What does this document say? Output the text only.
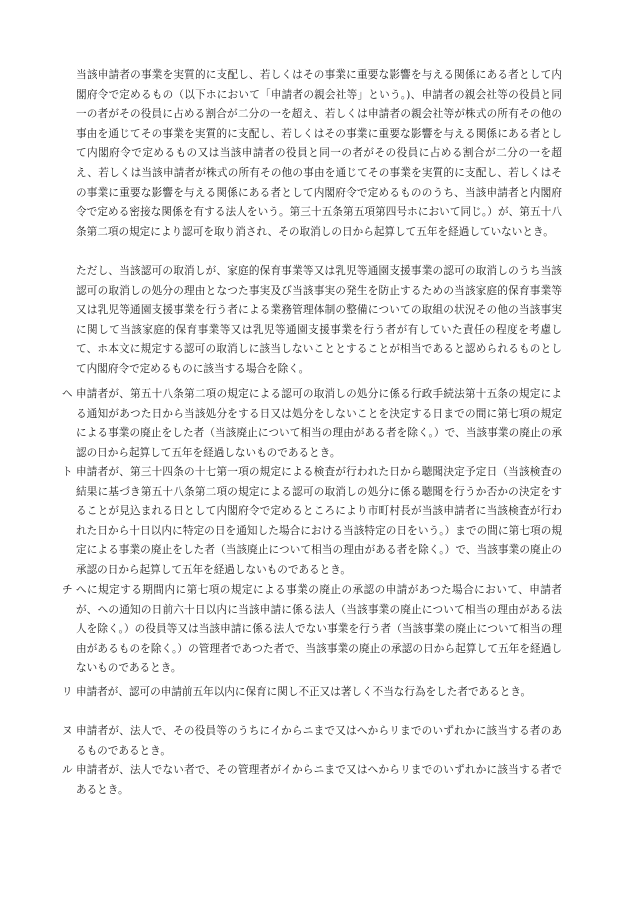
当該申請者の事業を実質的に支配し、若しくはその事業に重要な影響を与える関係にある者として内閣府令で定めるもの（以下ホにおいて「申請者の親会社等」という。)、申請者の親会社等の役員と同一の者がその役員に占める割合が二分の一を超え、若しくは申請者の親会社等が株式の所有その他の事由を通じてその事業を実質的に支配し、若しくはその事業に重要な影響を与える関係にある者として内閣府令で定めるもの又は当該申請者の役員と同一の者がその役員に占める割合が二分の一を超え、若しくは当該申請者が株式の所有その他の事由を通じてその事業を実質的に支配し、若しくはその事業に重要な影響を与える関係にある者として内閣府令で定めるもののうち、当該申請者と内閣府令で定める密接な関係を有する法人をいう。第三十五条第五項第四号ホにおいて同じ。）が、第五十八条第二項の規定により認可を取り消され、その取消しの日から起算して五年を経過していないとき。

ただし、当該認可の取消しが、家庭的保育事業等又は乳児等通園支援事業の認可の取消しのうち当該認可の取消しの処分の理由となつた事実及び当該事実の発生を防止するための当該家庭的保育事業等又は乳児等通園支援事業を行う者による業務管理体制の整備についての取組の状況その他の当該事実に関して当該家庭的保育事業等又は乳児等通園支援事業を行う者が有していた責任の程度を考慮して、ホ本文に規定する認可の取消しに該当しないこととすることが相当であると認められるものとして内閣府令で定めるものに該当する場合を除く。

ヘ 申請者が、第五十八条第二項の規定による認可の取消しの処分に係る行政手続法第十五条の規定による通知があつた日から当該処分をする日又は処分をしないことを決定する日までの間に第七項の規定による事業の廃止をした者（当該廃止について相当の理由がある者を除く。）で、当該事業の廃止の承認の日から起算して五年を経過しないものであるとき。
ト 申請者が、第三十四条の十七第一項の規定による検査が行われた日から聴聞決定予定日（当該検査の結果に基づき第五十八条第二項の規定による認可の取消しの処分に係る聴聞を行うか否かの決定をすることが見込まれる日として内閣府令で定めるところにより市町村長が当該申請者に当該検査が行われた日から十日以内に特定の日を通知した場合における当該特定の日をいう。）までの間に第七項の規定による事業の廃止をした者（当該廃止について相当の理由がある者を除く。）で、当該事業の廃止の承認の日から起算して五年を経過しないものであるとき。
チ へに規定する期間内に第七項の規定による事業の廃止の承認の申請があつた場合において、申請者が、への通知の日前六十日以内に当該申請に係る法人（当該事業の廃止について相当の理由がある法人を除く。）の役員等又は当該申請に係る法人でない事業を行う者（当該事業の廃止について相当の理由があるものを除く。）の管理者であつた者で、当該事業の廃止の承認の日から起算して五年を経過しないものであるとき。
リ 申請者が、認可の申請前五年以内に保育に関し不正又は著しく不当な行為をした者であるとき。
ヌ 申請者が、法人で、その役員等のうちにイからニまで又はへからリまでのいずれかに該当する者のあるものであるとき。
ル 申請者が、法人でない者で、その管理者がイからニまで又はへからリまでのいずれかに該当する者であるとき。
